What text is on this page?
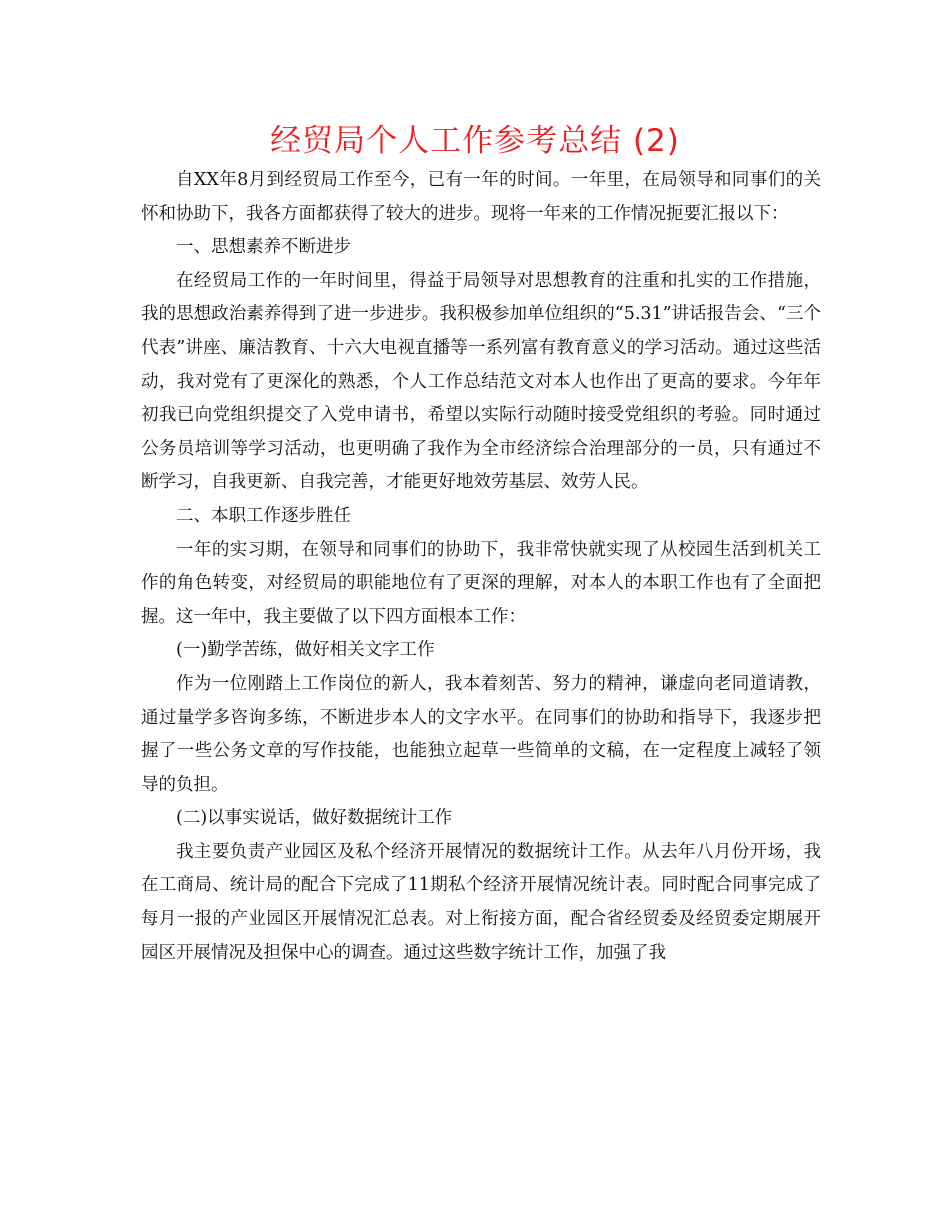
经贸局个人工作参考总结 (2)

自XX年8月到经贸局工作至今，已有一年的时间。一年里，在局领导和同事们的关怀和协助下，我各方面都获得了较大的进步。现将一年来的工作情况扼要汇报以下：

一、思想素养不断进步

在经贸局工作的一年时间里，得益于局领导对思想教育的注重和扎实的工作措施，我的思想政治素养得到了进一步进步。我积极参加单位组织的“5.31”讲话报告会、“三个代表”讲座、廉洁教育、十六大电视直播等一系列富有教育意义的学习活动。通过这些活动，我对党有了更深化的熟悉，个人工作总结范文对本人也作出了更高的要求。今年年初我已向党组织提交了入党申请书，希望以实际行动随时接受党组织的考验。同时通过公务员培训等学习活动，也更明确了我作为全市经济综合治理部分的一员，只有通过不断学习，自我更新、自我完善，才能更好地效劳基层、效劳人民。

二、本职工作逐步胜任

一年的实习期，在领导和同事们的协助下，我非常快就实现了从校园生活到机关工作的角色转变，对经贸局的职能地位有了更深的理解，对本人的本职工作也有了全面把握。这一年中，我主要做了以下四方面根本工作：

(一)勤学苦练，做好相关文字工作

作为一位刚踏上工作岗位的新人，我本着刻苦、努力的精神，谦虚向老同道请教，通过量学多咨询多练，不断进步本人的文字水平。在同事们的协助和指导下，我逐步把握了一些公务文章的写作技能，也能独立起草一些简单的文稿，在一定程度上减轻了领导的负担。

(二)以事实说话，做好数据统计工作

我主要负责产业园区及私个经济开展情况的数据统计工作。从去年八月份开场，我在工商局、统计局的配合下完成了11期私个经济开展情况统计表。同时配合同事完成了每月一报的产业园区开展情况汇总表。对上衔接方面，配合省经贸委及经贸委定期展开园区开展情况及担保中心的调查。通过这些数字统计工作，加强了我
